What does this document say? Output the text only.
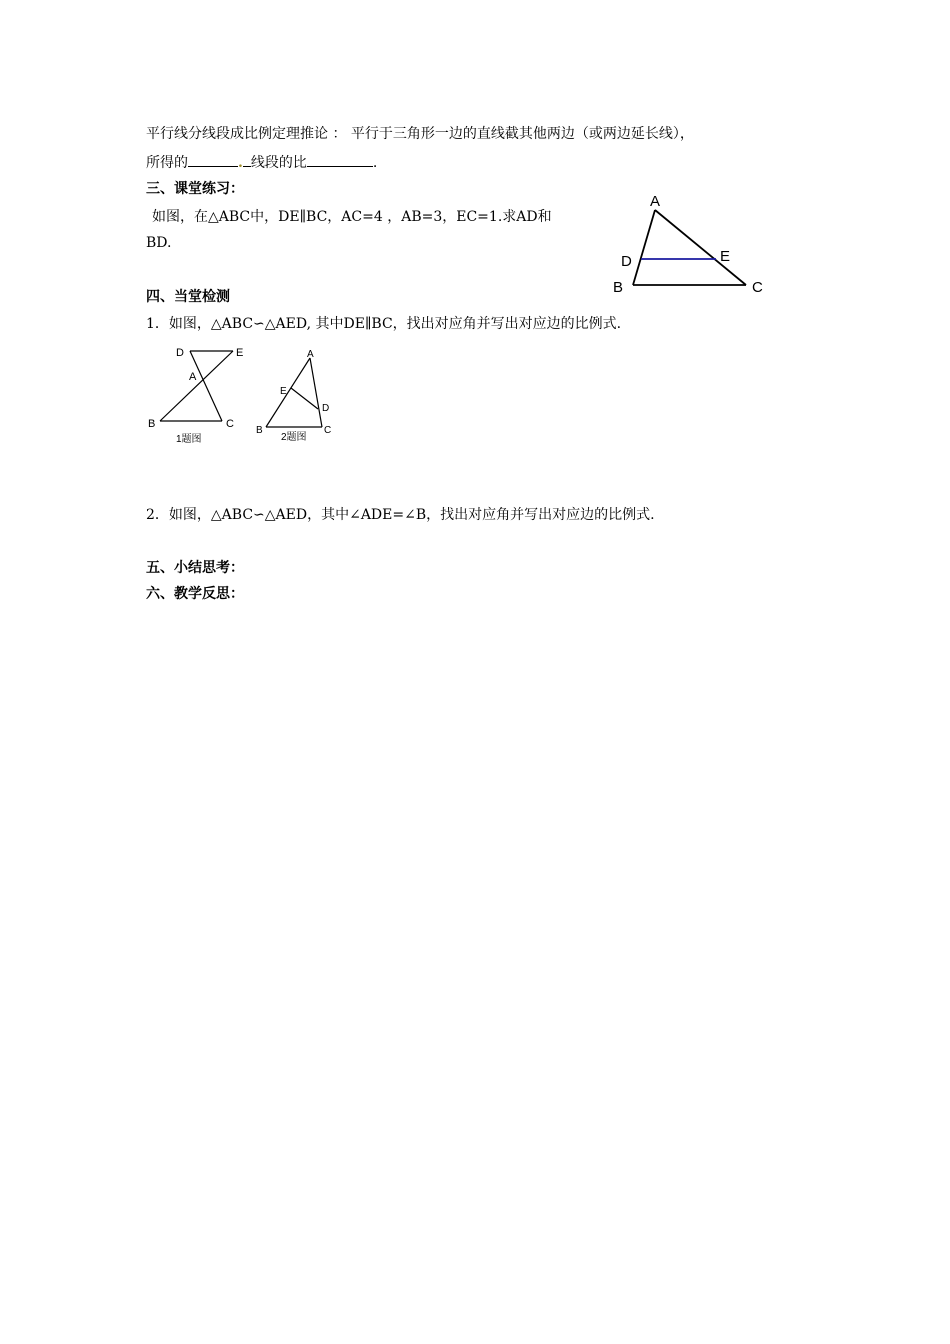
平行线分线段成比例定理推论 ： 平行于三角形一边的直线截其他两边（或两边延长线），
所得的	. 线段的比	.
三、课堂练习：
如图，在△ABC中，DE∥BC，AC=4 ，AB=3，EC=1.求AD和
BD.
A
B	C
D	E
四、当堂检测
1．如图，△ABC∽△AED, 其中DE∥BC，找出对应角并写出对应边的比例式.
D	E
A
B	C
1题图
A
E
D
B	C
2题图
2．如图，△ABC∽△AED，其中∠ADE=∠B，找出对应角并写出对应边的比例式.
五、小结思考：
六、教学反思：
